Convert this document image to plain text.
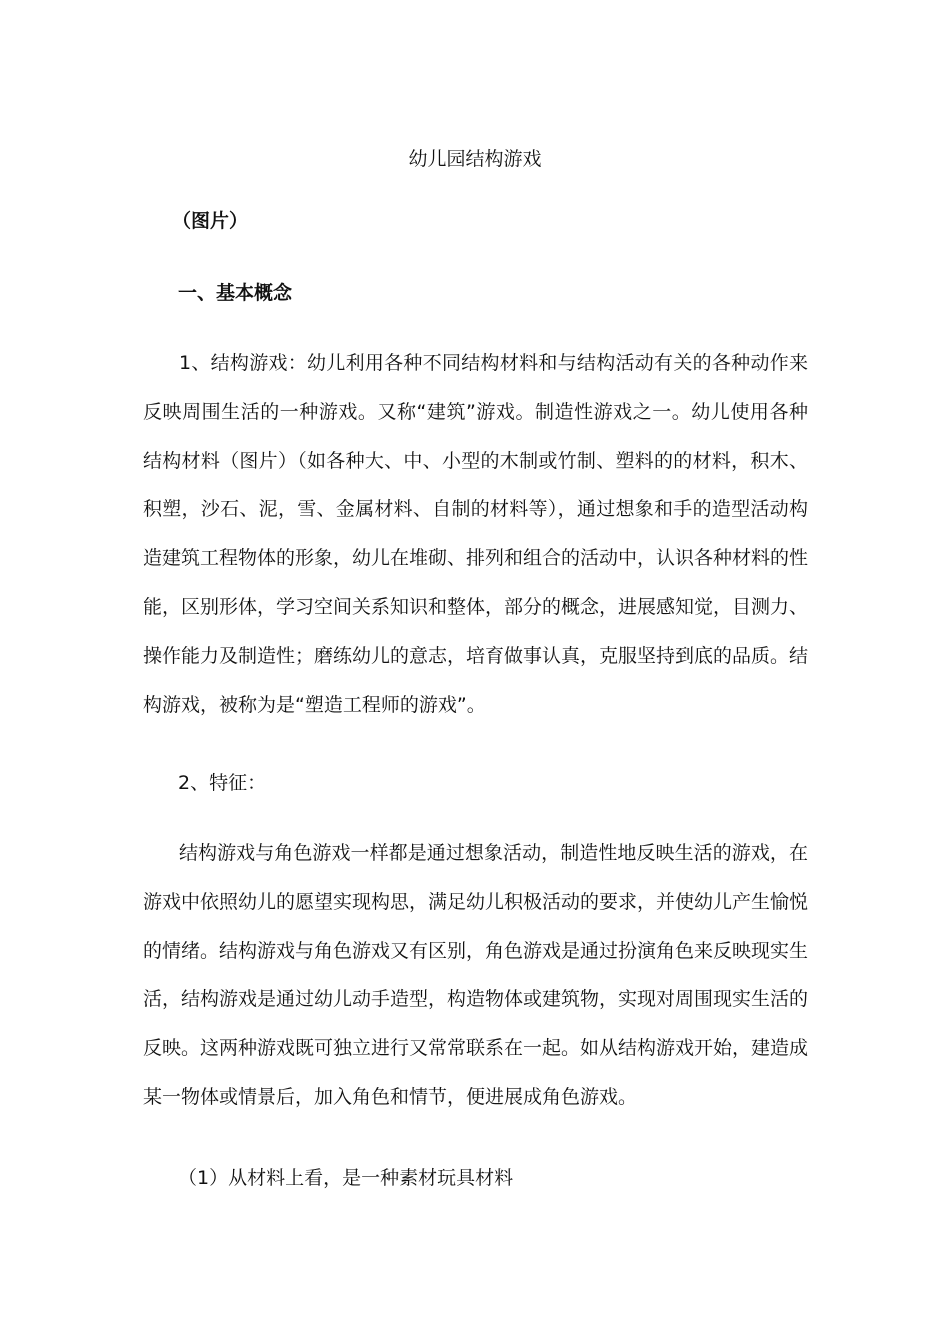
幼儿园结构游戏
（图片）
一、基本概念

1、结构游戏：幼儿利用各种不同结构材料和与结构活动有关的各种动作来反映周围生活的一种游戏。又称“建筑”游戏。制造性游戏之一。幼儿使用各种结构材料（图片）（如各种大、中、小型的木制或竹制、塑料的的材料，积木、积塑，沙石、泥，雪、金属材料、自制的材料等），通过想象和手的造型活动构造建筑工程物体的形象，幼儿在堆砌、排列和组合的活动中，认识各种材料的性能，区别形体，学习空间关系知识和整体，部分的概念，进展感知觉，目测力、操作能力及制造性；磨练幼儿的意志，培育做事认真，克服坚持到底的品质。结构游戏，被称为是“塑造工程师的游戏”。

2、特征：

结构游戏与角色游戏一样都是通过想象活动，制造性地反映生活的游戏，在游戏中依照幼儿的愿望实现构思，满足幼儿积极活动的要求，并使幼儿产生愉悦的情绪。结构游戏与角色游戏又有区别，角色游戏是通过扮演角色来反映现实生活，结构游戏是通过幼儿动手造型，构造物体或建筑物，实现对周围现实生活的反映。这两种游戏既可独立进行又常常联系在一起。如从结构游戏开始，建造成某一物体或情景后，加入角色和情节，便进展成角色游戏。

（1）从材料上看，是一种素材玩具材料
